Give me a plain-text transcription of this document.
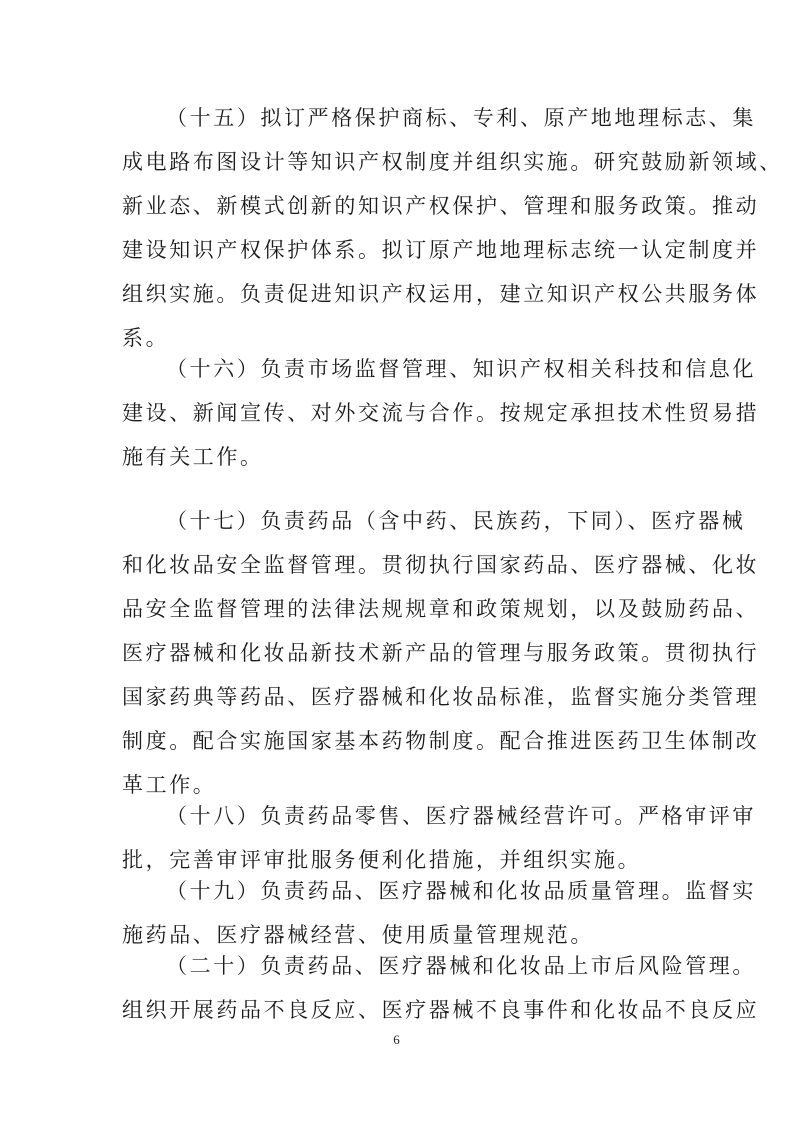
（十五）拟订严格保护商标、专利、原产地地理标志、集
成电路布图设计等知识产权制度并组织实施。研究鼓励新领域、
新业态、新模式创新的知识产权保护、管理和服务政策。推动
建设知识产权保护体系。拟订原产地地理标志统一认定制度并
组织实施。负责促进知识产权运用，建立知识产权公共服务体
系。
（十六）负责市场监督管理、知识产权相关科技和信息化
建设、新闻宣传、对外交流与合作。按规定承担技术性贸易措
施有关工作。
（十七）负责药品（含中药、民族药，下同）、医疗器械
和化妆品安全监督管理。贯彻执行国家药品、医疗器械、化妆
品安全监督管理的法律法规规章和政策规划，以及鼓励药品、
医疗器械和化妆品新技术新产品的管理与服务政策。贯彻执行
国家药典等药品、医疗器械和化妆品标准，监督实施分类管理
制度。配合实施国家基本药物制度。配合推进医药卫生体制改
革工作。
（十八）负责药品零售、医疗器械经营许可。严格审评审
批，完善审评审批服务便利化措施，并组织实施。
（十九）负责药品、医疗器械和化妆品质量管理。监督实
施药品、医疗器械经营、使用质量管理规范。
（二十）负责药品、医疗器械和化妆品上市后风险管理。
组织开展药品不良反应、医疗器械不良事件和化妆品不良反应
6
